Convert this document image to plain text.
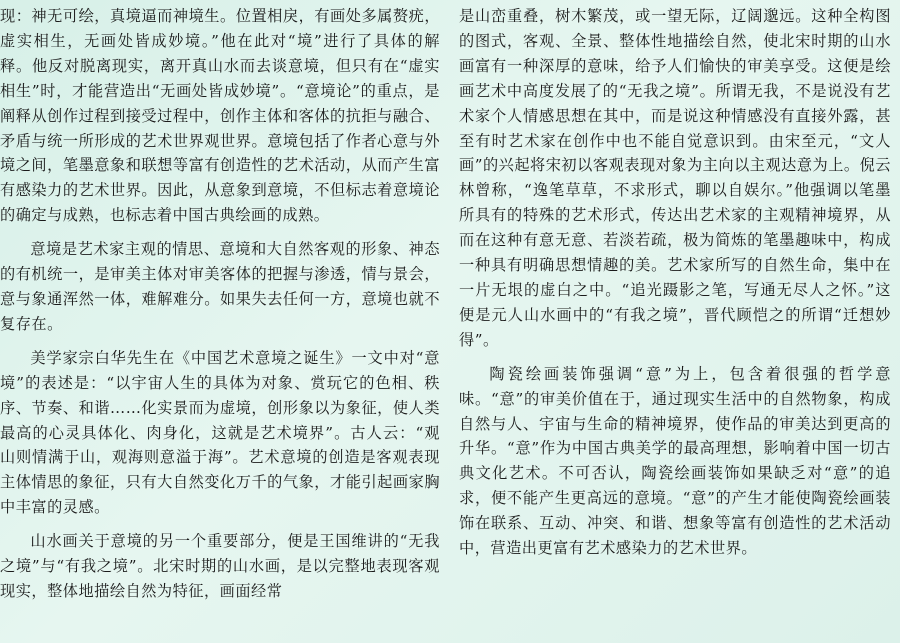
现：神无可绘，真境逼而神境生。位置相戾，有画处多属赘疣，虚实相生，无画处皆成妙境。”他在此对“境”进行了具体的解释。他反对脱离现实，离开真山水而去谈意境，但只有在“虚实相生”时，才能营造出“无画处皆成妙境”。“意境论”的重点，是阐释从创作过程到接受过程中，创作主体和客体的抗拒与融合、矛盾与统一所形成的艺术世界观世界。意境包括了作者心意与外境之间，笔墨意象和联想等富有创造性的艺术活动，从而产生富有感染力的艺术世界。因此，从意象到意境，不但标志着意境论的确定与成熟，也标志着中国古典绘画的成熟。

意境是艺术家主观的情思、意境和大自然客观的形象、神态的有机统一，是审美主体对审美客体的把握与渗透，情与景会，意与象通浑然一体，难解难分。如果失去任何一方，意境也就不复存在。

美学家宗白华先生在《中国艺术意境之诞生》一文中对“意境”的表述是：“以宇宙人生的具体为对象、赏玩它的色相、秩序、节奏、和谐……化实景而为虚境，创形象以为象征，使人类最高的心灵具体化、肉身化，这就是艺术境界”。古人云：“观山则情满于山，观海则意溢于海”。艺术意境的创造是客观表现主体情思的象征，只有大自然变化万千的气象，才能引起画家胸中丰富的灵感。

山水画关于意境的另一个重要部分，便是王国维讲的“无我之境”与“有我之境”。北宋时期的山水画，是以完整地表现客观现实，整体地描绘自然为特征，画面经常

是山峦重叠，树木繁茂，或一望无际，辽阔邈远。这种全构图的图式，客观、全景、整体性地描绘自然，使北宋时期的山水画富有一种深厚的意味，给予人们愉快的审美享受。这便是绘画艺术中高度发展了的“无我之境”。所谓无我，不是说没有艺术家个人情感思想在其中，而是说这种情感没有直接外露，甚至有时艺术家在创作中也不能自觉意识到。由宋至元，“文人画”的兴起将宋初以客观表现对象为主向以主观达意为上。倪云林曾称，“逸笔草草，不求形式，聊以自娱尔。”他强调以笔墨所具有的特殊的艺术形式，传达出艺术家的主观精神境界，从而在这种有意无意、若淡若疏，极为简炼的笔墨趣味中，构成一种具有明确思想情趣的美。艺术家所写的自然生命，集中在一片无垠的虚白之中。“追光蹑影之笔，写通无尽人之怀。”这便是元人山水画中的“有我之境”，晋代顾恺之的所谓“迁想妙得”。

陶瓷绘画装饰强调“意”为上，包含着很强的哲学意味。“意”的审美价值在于，通过现实生活中的自然物象，构成自然与人、宇宙与生命的精神境界，使作品的审美达到更高的升华。“意”作为中国古典美学的最高理想，影响着中国一切古典文化艺术。不可否认，陶瓷绘画装饰如果缺乏对“意”的追求，便不能产生更高远的意境。“意”的产生才能使陶瓷绘画装饰在联系、互动、冲突、和谐、想象等富有创造性的艺术活动中，营造出更富有艺术感染力的艺术世界。
